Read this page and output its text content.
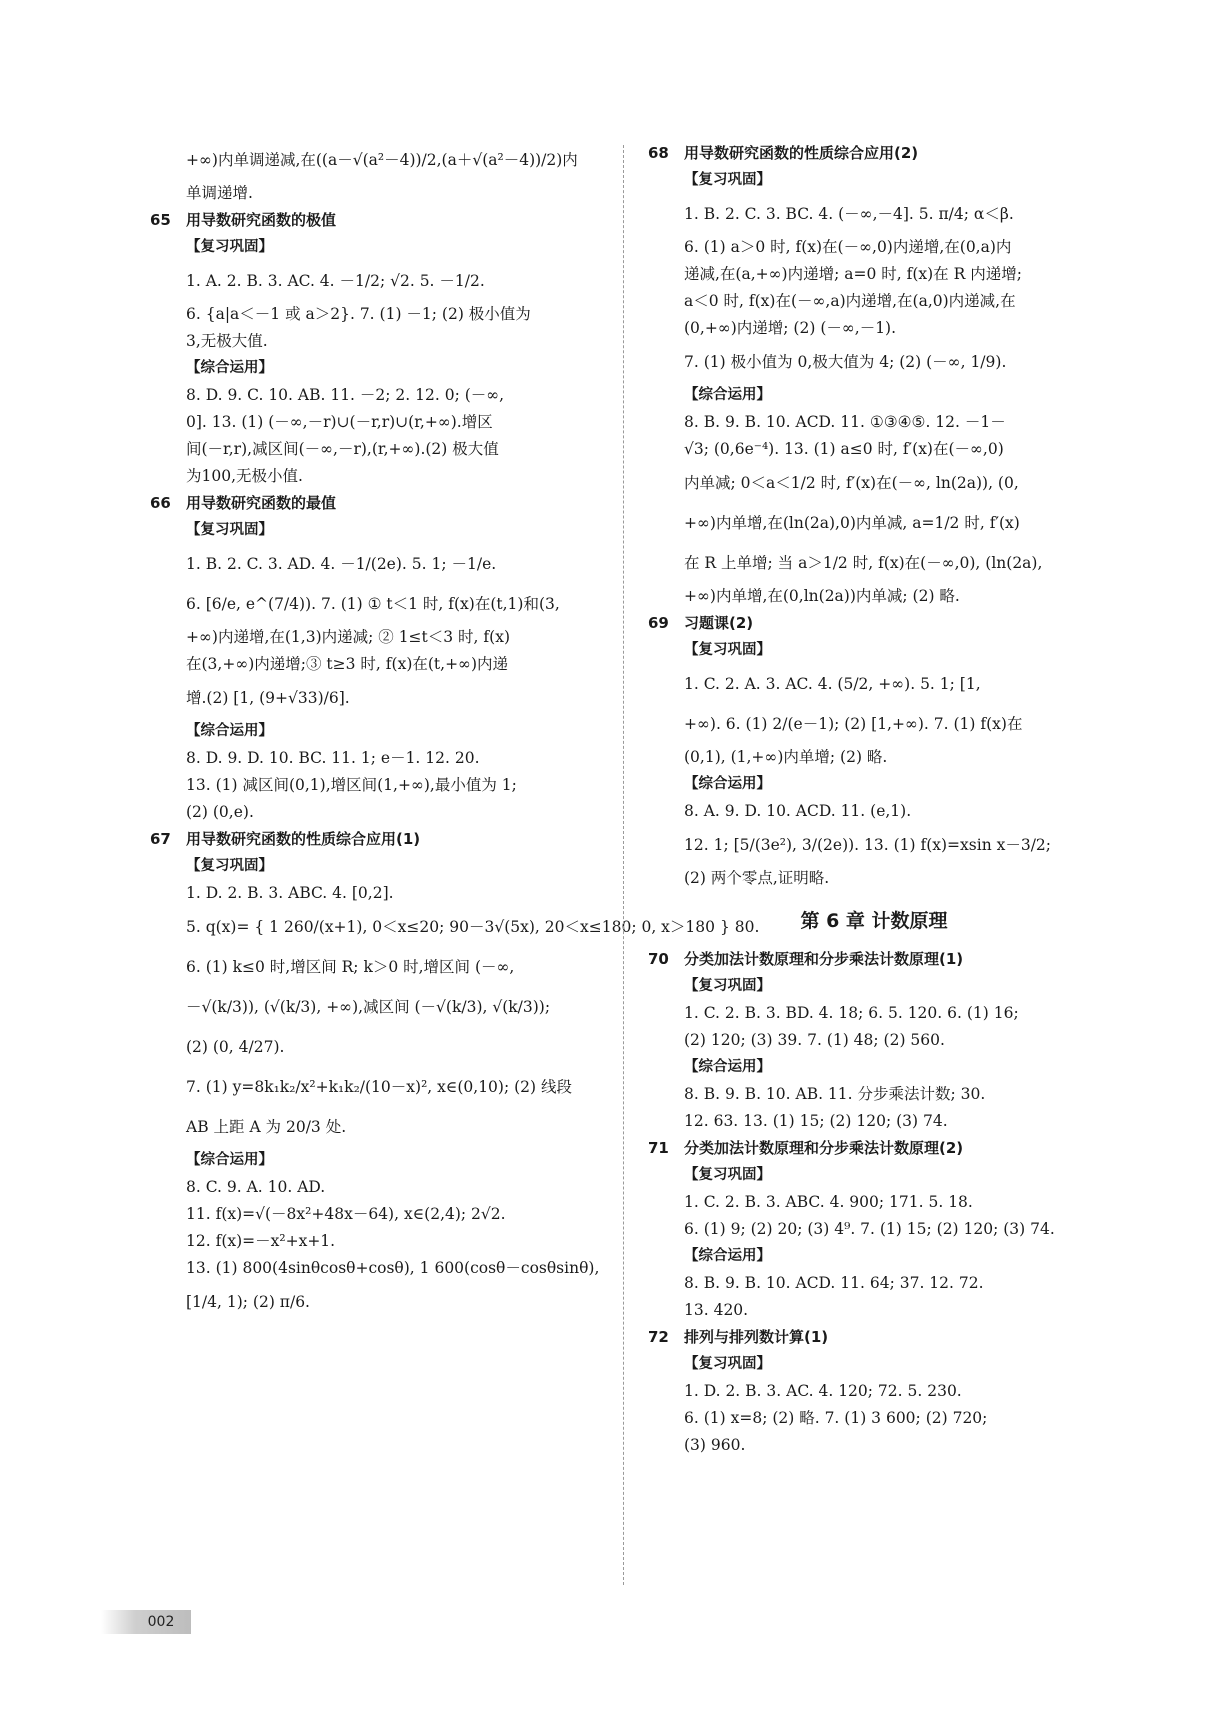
+∞)内单调递减,在((a－√(a²－4))/2,(a＋√(a²－4))/2)内
单调递增.
65 用导数研究函数的极值
【复习巩固】
1. A. 2. B. 3. AC. 4. －1/2; √2. 5. －1/2.
6. {a|a＜－1 或 a＞2}. 7. (1) －1; (2) 极小值为
3,无极大值.
【综合运用】
8. D. 9. C. 10. AB. 11. －2; 2. 12. 0; (－∞,
0]. 13. (1) (－∞,－r)∪(－r,r)∪(r,+∞).增区
间(－r,r),减区间(－∞,－r),(r,+∞).(2) 极大值
为100,无极小值.
66 用导数研究函数的最值
【复习巩固】
1. B. 2. C. 3. AD. 4. －1/(2e). 5. 1; －1/e.
6. [6/e, e^(7/4)). 7. (1) ① t＜1 时, f(x)在(t,1)和(3,
+∞)内递增,在(1,3)内递减; ② 1≤t＜3 时, f(x)
在(3,+∞)内递增;③ t≥3 时, f(x)在(t,+∞)内递
增.(2) [1, (9+√33)/6].
【综合运用】
8. D. 9. D. 10. BC. 11. 1; e－1. 12. 20.
13. (1) 减区间(0,1),增区间(1,+∞),最小值为 1;
(2) (0,e).
67 用导数研究函数的性质综合应用(1)
【复习巩固】
1. D. 2. B. 3. ABC. 4. [0,2].
5. q(x)= { 1 260/(x+1), 0＜x≤20; 90－3√(5x), 20＜x≤180; 0, x＞180 } 80.
6. (1) k≤0 时,增区间 R; k＞0 时,增区间 (－∞,
－√(k/3)), (√(k/3), +∞),减区间 (－√(k/3), √(k/3));
(2) (0, 4/27).
7. (1) y=8k₁k₂/x²+k₁k₂/(10－x)², x∈(0,10); (2) 线段
AB 上距 A 为 20/3 处.
【综合运用】
8. C. 9. A. 10. AD.
11. f(x)=√(－8x²+48x－64), x∈(2,4); 2√2.
12. f(x)=－x²+x+1.
13. (1) 800(4sinθcosθ+cosθ), 1 600(cosθ－cosθsinθ),
[1/4, 1); (2) π/6.
68 用导数研究函数的性质综合应用(2)
【复习巩固】
1. B. 2. C. 3. BC. 4. (－∞,－4]. 5. π/4; α＜β.
6. (1) a＞0 时, f(x)在(－∞,0)内递增,在(0,a)内
递减,在(a,+∞)内递增; a=0 时, f(x)在 R 内递增;
a＜0 时, f(x)在(－∞,a)内递增,在(a,0)内递减,在
(0,+∞)内递增; (2) (－∞,－1).
7. (1) 极小值为 0,极大值为 4; (2) (－∞, 1/9).
【综合运用】
8. B. 9. B. 10. ACD. 11. ①③④⑤. 12. －1－
√3; (0,6e⁻⁴). 13. (1) a≤0 时, f′(x)在(－∞,0)
内单减; 0＜a＜1/2 时, f′(x)在(－∞, ln(2a)), (0,
+∞)内单增,在(ln(2a),0)内单减, a=1/2 时, f′(x)
在 R 上单增; 当 a＞1/2 时, f(x)在(－∞,0), (ln(2a),
+∞)内单增,在(0,ln(2a))内单减; (2) 略.
69 习题课(2)
【复习巩固】
1. C. 2. A. 3. AC. 4. (5/2, +∞). 5. 1; [1,
+∞). 6. (1) 2/(e－1); (2) [1,+∞). 7. (1) f(x)在
(0,1), (1,+∞)内单增; (2) 略.
【综合运用】
8. A. 9. D. 10. ACD. 11. (e,1).
12. 1; [5/(3e²), 3/(2e)). 13. (1) f(x)=xsin x－3/2;
(2) 两个零点,证明略.
第 6 章 计数原理
70 分类加法计数原理和分步乘法计数原理(1)
【复习巩固】
1. C. 2. B. 3. BD. 4. 18; 6. 5. 120. 6. (1) 16;
(2) 120; (3) 39. 7. (1) 48; (2) 560.
【综合运用】
8. B. 9. B. 10. AB. 11. 分步乘法计数; 30.
12. 63. 13. (1) 15; (2) 120; (3) 74.
71 分类加法计数原理和分步乘法计数原理(2)
【复习巩固】
1. C. 2. B. 3. ABC. 4. 900; 171. 5. 18.
6. (1) 9; (2) 20; (3) 4⁹. 7. (1) 15; (2) 120; (3) 74.
【综合运用】
8. B. 9. B. 10. ACD. 11. 64; 37. 12. 72.
13. 420.
72 排列与排列数计算(1)
【复习巩固】
1. D. 2. B. 3. AC. 4. 120; 72. 5. 230.
6. (1) x=8; (2) 略. 7. (1) 3 600; (2) 720;
(3) 960.
002
